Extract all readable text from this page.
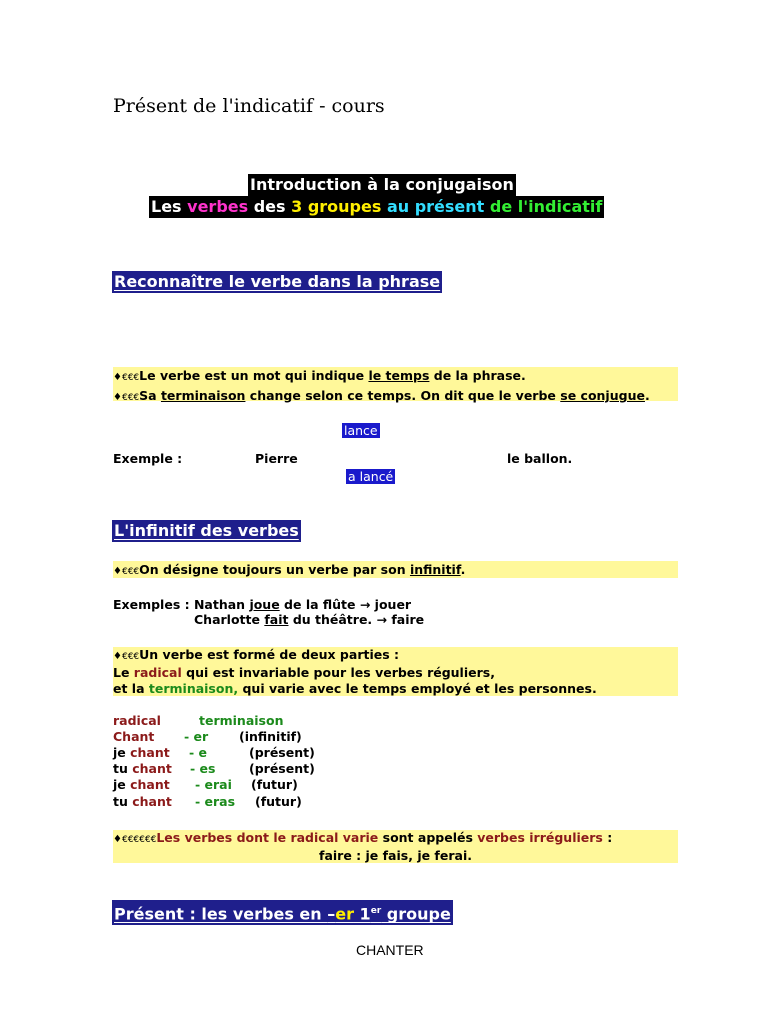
Présent de l'indicatif - cours
Introduction à la conjugaison
Les verbes des 3 groupes au présent de l'indicatif
Reconnaître le verbe dans la phrase
♦€€€Le verbe est un mot qui indique le temps de la phrase.
♦€€€Sa terminaison change selon ce temps. On dit que le verbe se conjugue.
lance
Exemple :	Pierre	le ballon.
a lancé
L'infinitif des verbes
♦€€€On désigne toujours un verbe par son infinitif.
Exemples : Nathan joue de la flûte → jouer
Charlotte fait du théâtre. → faire
♦€€€Un verbe est formé de deux parties :
Le radical qui est invariable pour les verbes réguliers,
et la terminaison, qui varie avec le temps employé et les personnes.
radical	terminaison
Chant - er (infinitif)
je chant - e	(présent)
tu chant - es	(présent)
je chant - erai (futur)
tu chant - eras (futur)
♦€€€€€€Les verbes dont le radical varie sont appelés verbes irréguliers :
faire : je fais, je ferai.
Présent : les verbes en –er 1er groupe
CHANTER
